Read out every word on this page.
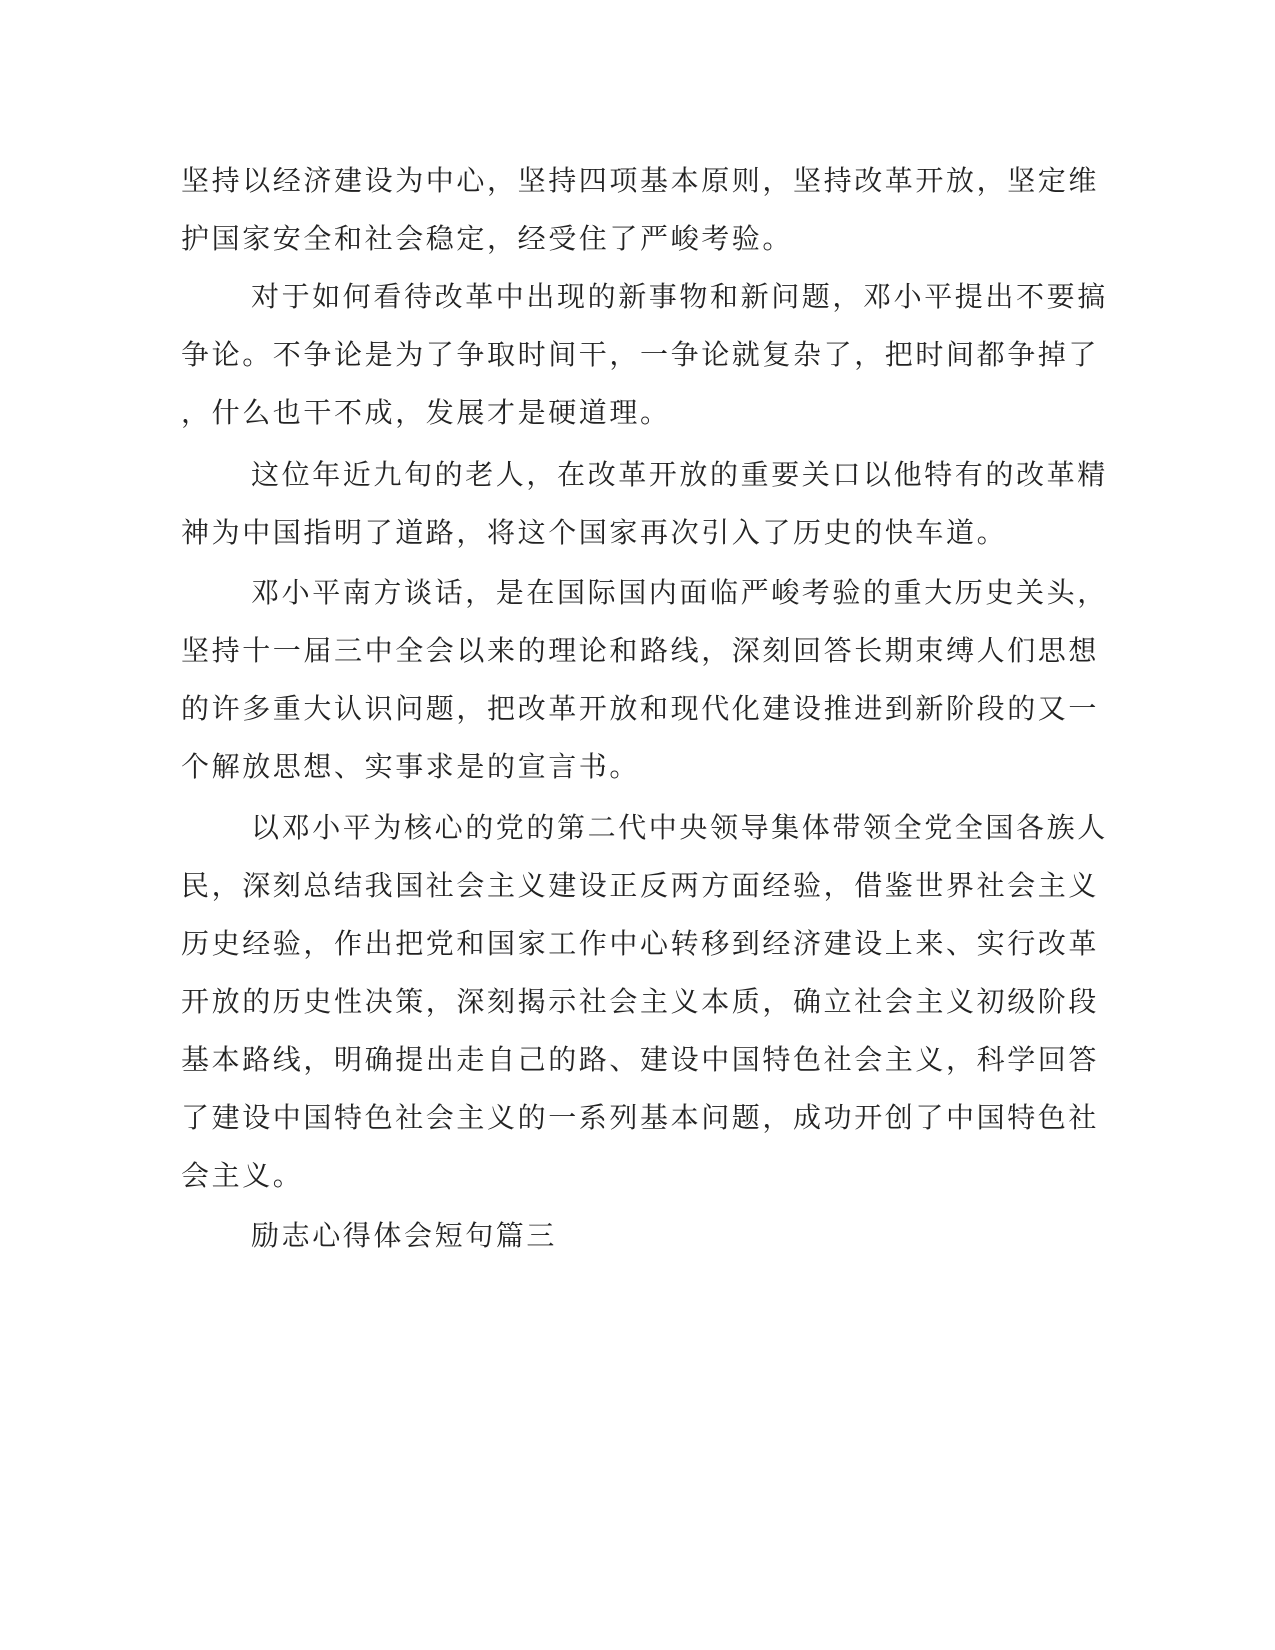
坚持以经济建设为中心，坚持四项基本原则，坚持改革开放，坚定维
护国家安全和社会稳定，经受住了严峻考验。
对于如何看待改革中出现的新事物和新问题，邓小平提出不要搞
争论。不争论是为了争取时间干，一争论就复杂了，把时间都争掉了
，什么也干不成，发展才是硬道理。
这位年近九旬的老人，在改革开放的重要关口以他特有的改革精
神为中国指明了道路，将这个国家再次引入了历史的快车道。
邓小平南方谈话，是在国际国内面临严峻考验的重大历史关头，
坚持十一届三中全会以来的理论和路线，深刻回答长期束缚人们思想
的许多重大认识问题，把改革开放和现代化建设推进到新阶段的又一
个解放思想、实事求是的宣言书。
以邓小平为核心的党的第二代中央领导集体带领全党全国各族人
民，深刻总结我国社会主义建设正反两方面经验，借鉴世界社会主义
历史经验，作出把党和国家工作中心转移到经济建设上来、实行改革
开放的历史性决策，深刻揭示社会主义本质，确立社会主义初级阶段
基本路线，明确提出走自己的路、建设中国特色社会主义，科学回答
了建设中国特色社会主义的一系列基本问题，成功开创了中国特色社
会主义。
励志心得体会短句篇三
